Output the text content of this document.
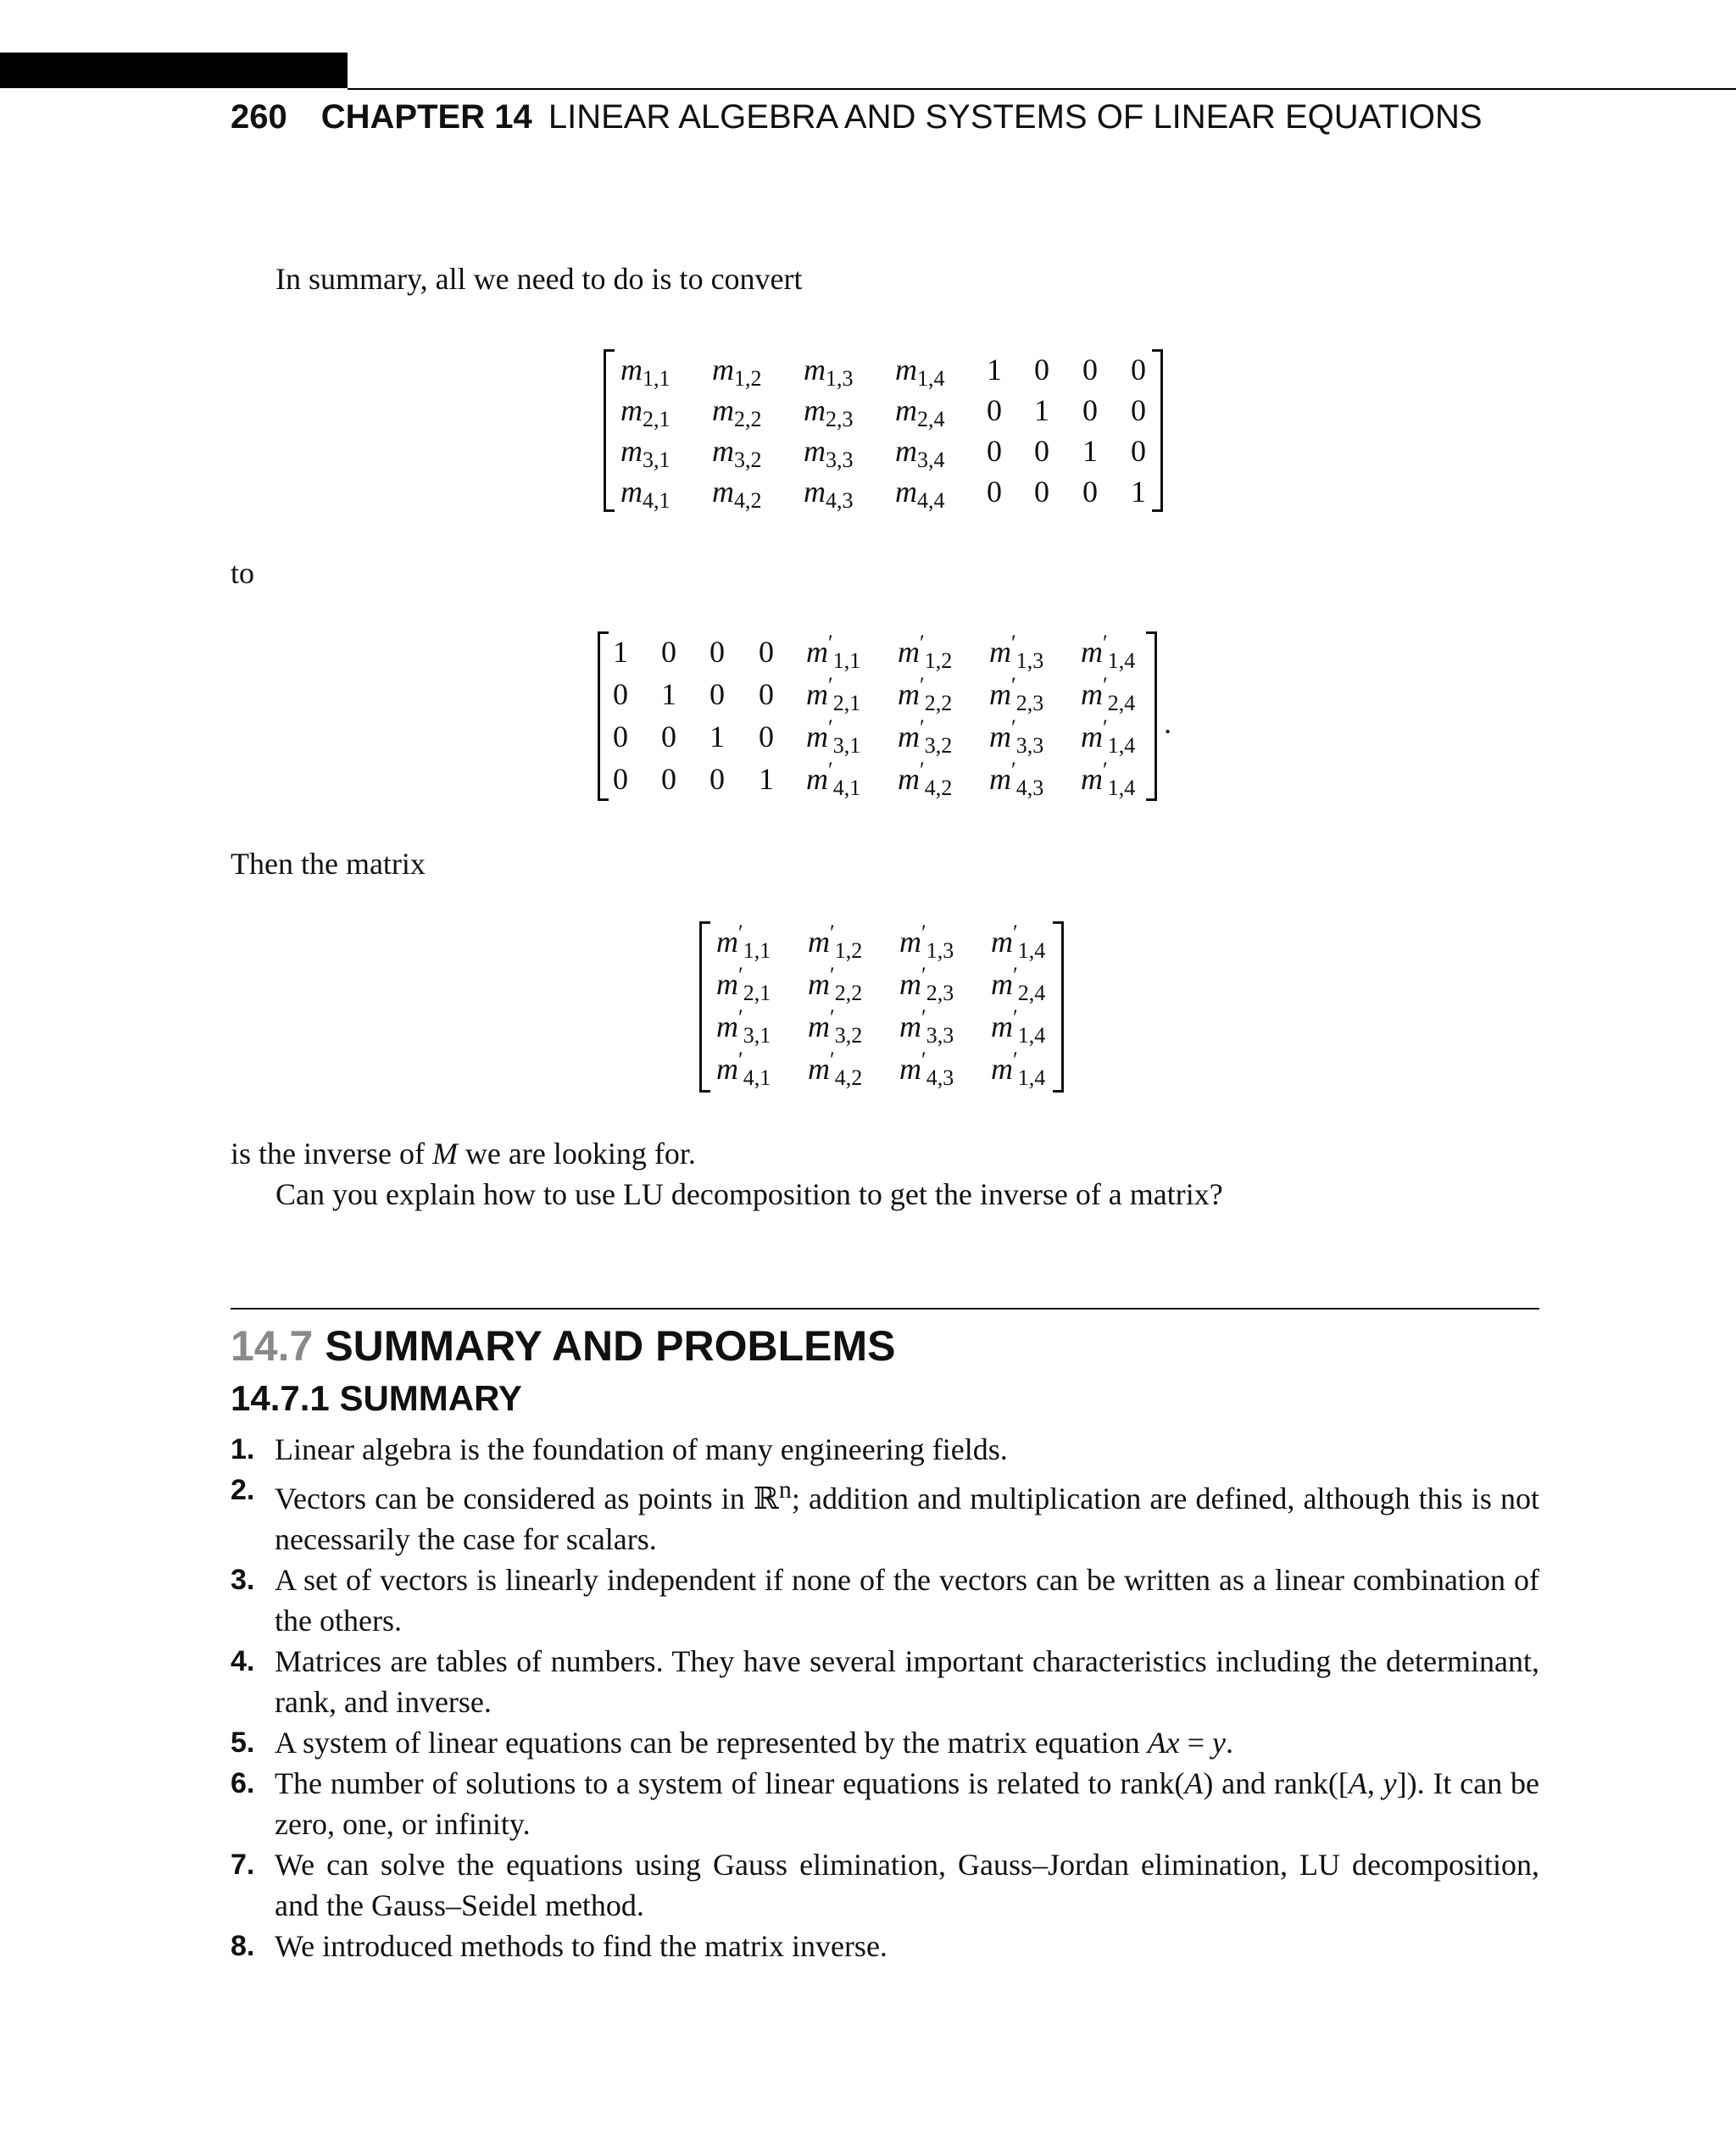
260 CHAPTER 14 LINEAR ALGEBRA AND SYSTEMS OF LINEAR EQUATIONS
In summary, all we need to do is to convert
$m_{1,1}$ $m_{1,2}$ $m_{1,3}$ $m_{1,4}$ 1 0 0 0
$m_{2,1}$ $m_{2,2}$ $m_{2,3}$ $m_{2,4}$ 0 1 0 0
$m_{3,1}$ $m_{3,2}$ $m_{3,3}$ $m_{3,4}$ 0 0 1 0
$m_{4,1}$ $m_{4,2}$ $m_{4,3}$ $m_{4,4}$ 0 0 0 1
to
1 0 0 0 $m'_{1,1}$ $m'_{1,2}$ $m'_{1,3}$ $m'_{1,4}$
0 1 0 0 $m'_{2,1}$ $m'_{2,2}$ $m'_{2,3}$ $m'_{2,4}$
0 0 1 0 $m'_{3,1}$ $m'_{3,2}$ $m'_{3,3}$ $m'_{1,4}$
0 0 0 1 $m'_{4,1}$ $m'_{4,2}$ $m'_{4,3}$ $m'_{1,4}$
.
Then the matrix
$m'_{1,1}$ $m'_{1,2}$ $m'_{1,3}$ $m'_{1,4}$
$m'_{2,1}$ $m'_{2,2}$ $m'_{2,3}$ $m'_{2,4}$
$m'_{3,1}$ $m'_{3,2}$ $m'_{3,3}$ $m'_{1,4}$
$m'_{4,1}$ $m'_{4,2}$ $m'_{4,3}$ $m'_{1,4}$
is the inverse of M we are looking for.
Can you explain how to use LU decomposition to get the inverse of a matrix?
14.7 SUMMARY AND PROBLEMS
14.7.1 SUMMARY
1. Linear algebra is the foundation of many engineering fields.
2. Vectors can be considered as points in ℝ$^n$; addition and multiplication are defined, although this is not necessarily the case for scalars.
3. A set of vectors is linearly independent if none of the vectors can be written as a linear combination of the others.
4. Matrices are tables of numbers. They have several important characteristics including the determinant, rank, and inverse.
5. A system of linear equations can be represented by the matrix equation Ax = y.
6. The number of solutions to a system of linear equations is related to rank(A) and rank([A, y]). It can be zero, one, or infinity.
7. We can solve the equations using Gauss elimination, Gauss–Jordan elimination, LU decomposition, and the Gauss–Seidel method.
8. We introduced methods to find the matrix inverse.
